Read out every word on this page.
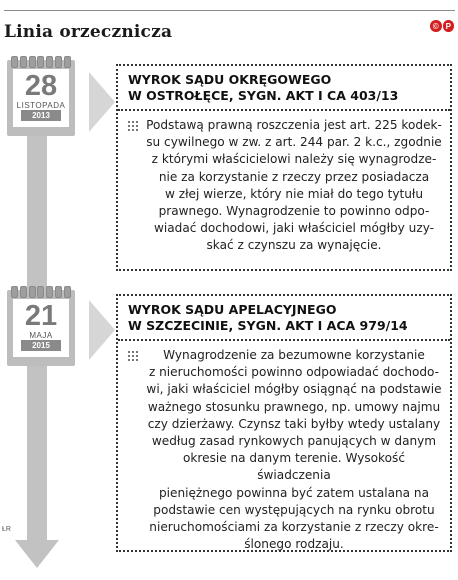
Linia orzecznicza	© P
ŁR
28
LISTOPADA
2013
WYROK SĄDU OKRĘGOWEGO
W OSTROŁĘCE, SYGN. AKT I CA 403/13
Podstawą prawną roszczenia jest art. 225 kodek-
su cywilnego w zw. z art. 244 par. 2 k.c., zgodnie
z którymi właścicielowi należy się wynagrodze-
nie za korzystanie z rzeczy przez posiadacza
w złej wierze, który nie miał do tego tytułu
prawnego. Wynagrodzenie to powinno odpo-
wiadać dochodowi, jaki właściciel mógłby uzy-
skać z czynszu za wynajęcie.
21
MAJA
2015
WYROK SĄDU APELACYJNEGO
W SZCZECINIE, SYGN. AKT I ACA 979/14
Wynagrodzenie za bezumowne korzystanie
z nieruchomości powinno odpowiadać dochodo-
wi, jaki właściciel mógłby osiągnąć na podstawie
ważnego stosunku prawnego, np. umowy najmu
czy dzierżawy. Czynsz taki byłby wtedy ustalany
według zasad rynkowych panujących w danym
okresie na danym terenie. Wysokość świadczenia
pieniężnego powinna być zatem ustalana na
podstawie cen występujących na rynku obrotu
nieruchomościami za korzystanie z rzeczy okre-
ślonego rodzaju.
